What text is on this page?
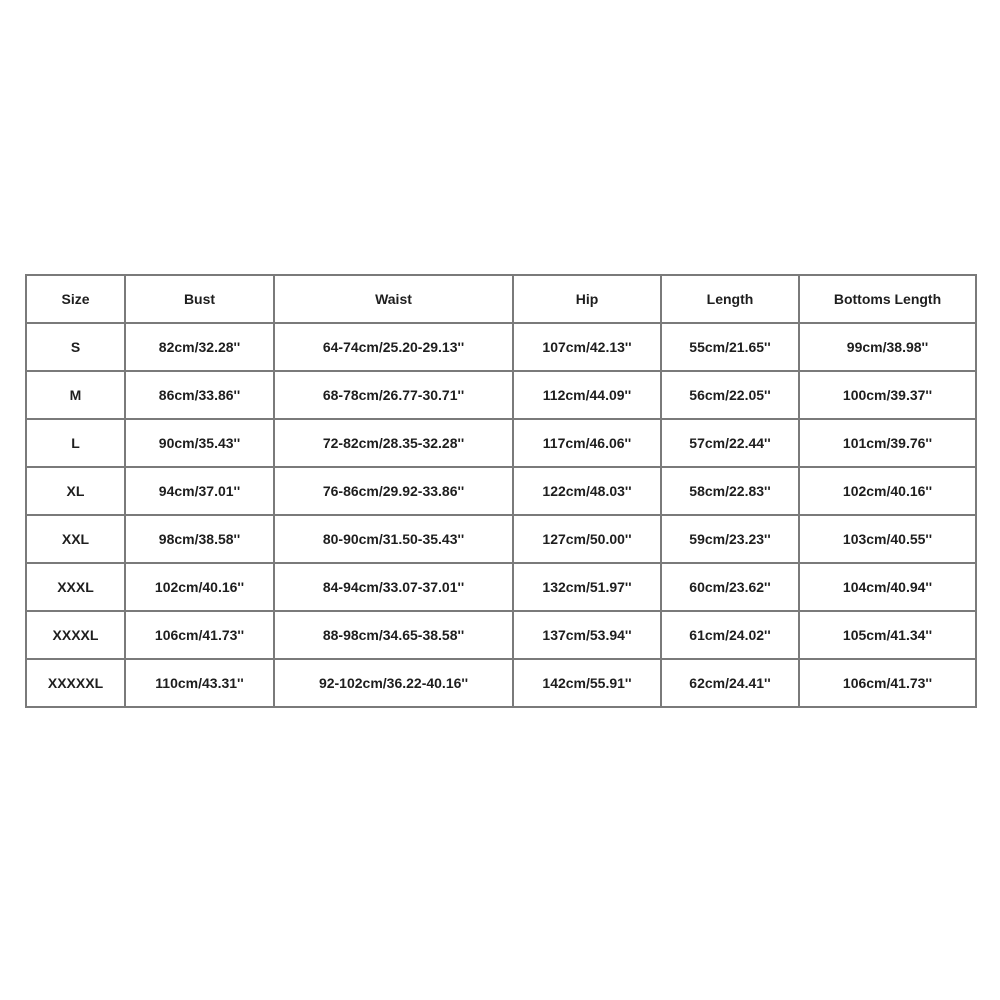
Size	Bust	Waist	Hip	Length	Bottoms Length
S	82cm/32.28''	64-74cm/25.20-29.13''	107cm/42.13''	55cm/21.65''	99cm/38.98''
M	86cm/33.86''	68-78cm/26.77-30.71''	112cm/44.09''	56cm/22.05''	100cm/39.37''
L	90cm/35.43''	72-82cm/28.35-32.28''	117cm/46.06''	57cm/22.44''	101cm/39.76''
XL	94cm/37.01''	76-86cm/29.92-33.86''	122cm/48.03''	58cm/22.83''	102cm/40.16''
XXL	98cm/38.58''	80-90cm/31.50-35.43''	127cm/50.00''	59cm/23.23''	103cm/40.55''
XXXL	102cm/40.16''	84-94cm/33.07-37.01''	132cm/51.97''	60cm/23.62''	104cm/40.94''
XXXXL	106cm/41.73''	88-98cm/34.65-38.58''	137cm/53.94''	61cm/24.02''	105cm/41.34''
XXXXXL	110cm/43.31''	92-102cm/36.22-40.16''	142cm/55.91''	62cm/24.41''	106cm/41.73''
